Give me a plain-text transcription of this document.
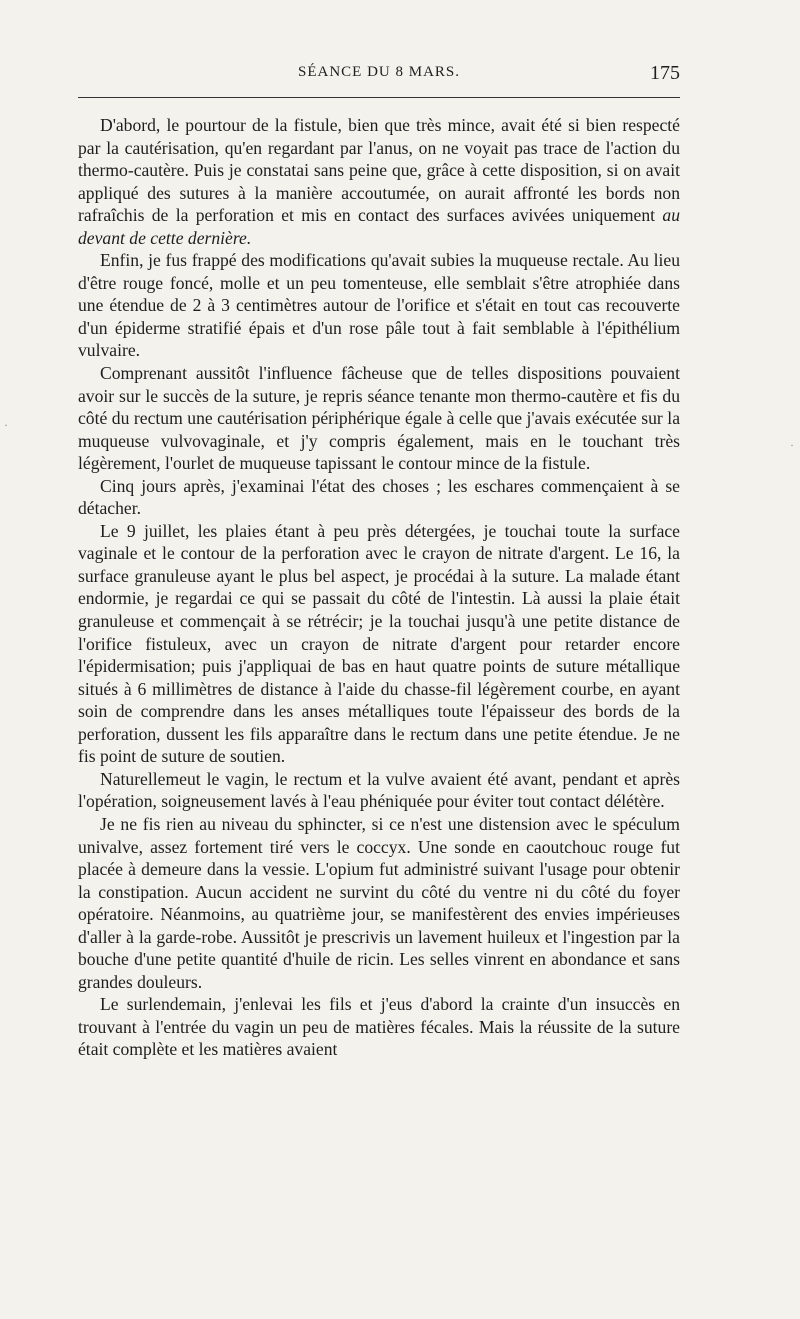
SÉANCE DU 8 MARS.	175

D'abord, le pourtour de la fistule, bien que très mince, avait été si bien respecté par la cautérisation, qu'en regardant par l'anus, on ne voyait pas trace de l'action du thermo-cautère. Puis je constatai sans peine que, grâce à cette disposition, si on avait appliqué des sutures à la manière accoutumée, on aurait affronté les bords non rafraîchis de la perforation et mis en contact des surfaces avivées uniquement au devant de cette dernière.

Enfin, je fus frappé des modifications qu'avait subies la muqueuse rectale. Au lieu d'être rouge foncé, molle et un peu tomenteuse, elle semblait s'être atrophiée dans une étendue de 2 à 3 centimètres autour de l'orifice et s'était en tout cas recouverte d'un épiderme stratifié épais et d'un rose pâle tout à fait semblable à l'épithélium vulvaire.

Comprenant aussitôt l'influence fâcheuse que de telles dispositions pouvaient avoir sur le succès de la suture, je repris séance tenante mon thermo-cautère et fis du côté du rectum une cautérisation périphérique égale à celle que j'avais exécutée sur la muqueuse vulvovaginale, et j'y compris également, mais en le touchant très légèrement, l'ourlet de muqueuse tapissant le contour mince de la fistule.

Cinq jours après, j'examinai l'état des choses ; les eschares commençaient à se détacher.

Le 9 juillet, les plaies étant à peu près détergées, je touchai toute la surface vaginale et le contour de la perforation avec le crayon de nitrate d'argent. Le 16, la surface granuleuse ayant le plus bel aspect, je procédai à la suture. La malade étant endormie, je regardai ce qui se passait du côté de l'intestin. Là aussi la plaie était granuleuse et commençait à se rétrécir; je la touchai jusqu'à une petite distance de l'orifice fistuleux, avec un crayon de nitrate d'argent pour retarder encore l'épidermisation; puis j'appliquai de bas en haut quatre points de suture métallique situés à 6 millimètres de distance à l'aide du chasse-fil légèrement courbe, en ayant soin de comprendre dans les anses métalliques toute l'épaisseur des bords de la perforation, dussent les fils apparaître dans le rectum dans une petite étendue. Je ne fis point de suture de soutien.

Naturellemeut le vagin, le rectum et la vulve avaient été avant, pendant et après l'opération, soigneusement lavés à l'eau phéniquée pour éviter tout contact délétère.

Je ne fis rien au niveau du sphincter, si ce n'est une distension avec le spéculum univalve, assez fortement tiré vers le coccyx. Une sonde en caoutchouc rouge fut placée à demeure dans la vessie. L'opium fut administré suivant l'usage pour obtenir la constipation. Aucun accident ne survint du côté du ventre ni du côté du foyer opératoire. Néanmoins, au quatrième jour, se manifestèrent des envies impérieuses d'aller à la garde-robe. Aussitôt je prescrivis un lavement huileux et l'ingestion par la bouche d'une petite quantité d'huile de ricin. Les selles vinrent en abondance et sans grandes douleurs.

Le surlendemain, j'enlevai les fils et j'eus d'abord la crainte d'un insuccès en trouvant à l'entrée du vagin un peu de matières fécales. Mais la réussite de la suture était complète et les matières avaient

·
·
